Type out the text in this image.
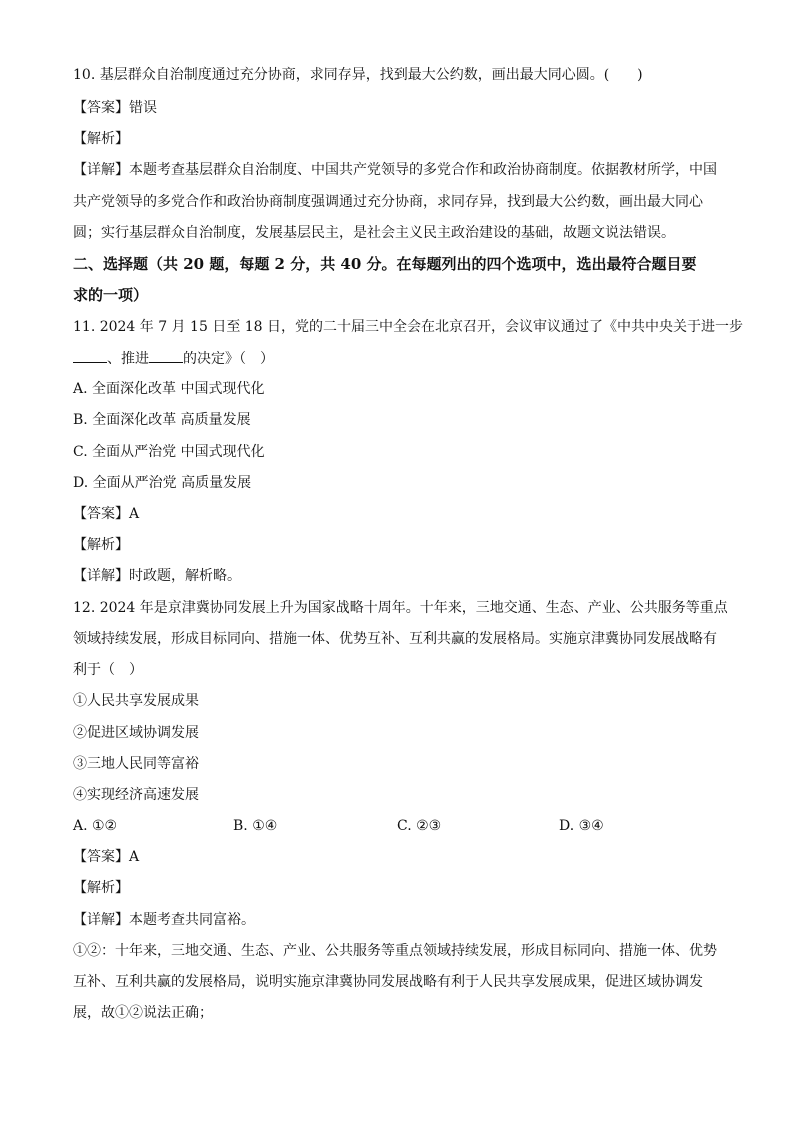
10. 基层群众自治制度通过充分协商，求同存异，找到最大公约数，画出最大同心圆。(　　)
【答案】错误
【解析】
【详解】本题考查基层群众自治制度、中国共产党领导的多党合作和政治协商制度。依据教材所学，中国
共产党领导的多党合作和政治协商制度强调通过充分协商，求同存异，找到最大公约数，画出最大同心
圆；实行基层群众自治制度，发展基层民主，是社会主义民主政治建设的基础，故题文说法错误。
二、选择题（共 20 题，每题 2 分，共 40 分。在每题列出的四个选项中，选出最符合题目要
求的一项）
11. 2024 年 7 月 15 日至 18 日，党的二十届三中全会在北京召开，会议审议通过了《中共中央关于进一步
、推进 的决定》（　）
A. 全面深化改革 中国式现代化
B. 全面深化改革 高质量发展
C. 全面从严治党 中国式现代化
D. 全面从严治党 高质量发展
【答案】A
【解析】
【详解】时政题，解析略。
12. 2024 年是京津冀协同发展上升为国家战略十周年。十年来，三地交通、生态、产业、公共服务等重点
领域持续发展，形成目标同向、措施一体、优势互补、互利共赢的发展格局。实施京津冀协同发展战略有
利于（　）
①人民共享发展成果
②促进区域协调发展
③三地人民同等富裕
④实现经济高速发展
A. ①②	B. ①④	C. ②③	D. ③④
【答案】A
【解析】
【详解】本题考查共同富裕。
①②：十年来，三地交通、生态、产业、公共服务等重点领域持续发展，形成目标同向、措施一体、优势
互补、互利共赢的发展格局，说明实施京津冀协同发展战略有利于人民共享发展成果，促进区域协调发
展，故①②说法正确；
